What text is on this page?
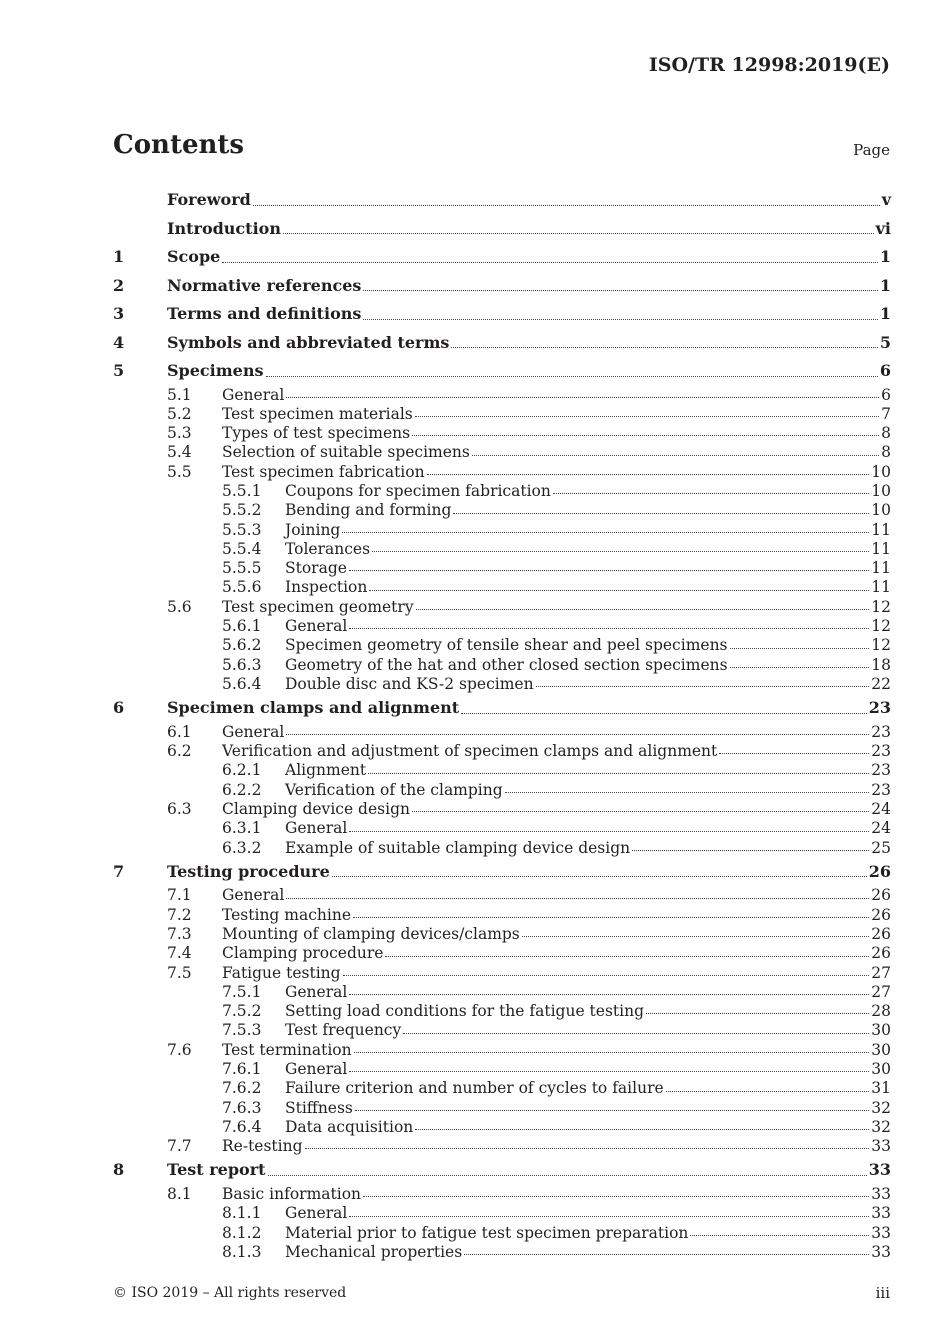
ISO/TR 12998:2019(E)
Contents	Page
Foreword	v
Introduction	vi
1	Scope	1
2	Normative references	1
3	Terms and definitions	1
4	Symbols and abbreviated terms	5
5	Specimens	6
5.1	General	6
5.2	Test specimen materials	7
5.3	Types of test specimens	8
5.4	Selection of suitable specimens	8
5.5	Test specimen fabrication	10
5.5.1	Coupons for specimen fabrication	10
5.5.2	Bending and forming	10
5.5.3	Joining	11
5.5.4	Tolerances	11
5.5.5	Storage	11
5.5.6	Inspection	11
5.6	Test specimen geometry	12
5.6.1	General	12
5.6.2	Specimen geometry of tensile shear and peel specimens	12
5.6.3	Geometry of the hat and other closed section specimens	18
5.6.4	Double disc and KS-2 specimen	22
6	Specimen clamps and alignment	23
6.1	General	23
6.2	Verification and adjustment of specimen clamps and alignment	23
6.2.1	Alignment	23
6.2.2	Verification of the clamping	23
6.3	Clamping device design	24
6.3.1	General	24
6.3.2	Example of suitable clamping device design	25
7	Testing procedure	26
7.1	General	26
7.2	Testing machine	26
7.3	Mounting of clamping devices/clamps	26
7.4	Clamping procedure	26
7.5	Fatigue testing	27
7.5.1	General	27
7.5.2	Setting load conditions for the fatigue testing	28
7.5.3	Test frequency	30
7.6	Test termination	30
7.6.1	General	30
7.6.2	Failure criterion and number of cycles to failure	31
7.6.3	Stiffness	32
7.6.4	Data acquisition	32
7.7	Re-testing	33
8	Test report	33
8.1	Basic information	33
8.1.1	General	33
8.1.2	Material prior to fatigue test specimen preparation	33
8.1.3	Mechanical properties	33
© ISO 2019 – All rights reserved	iii
